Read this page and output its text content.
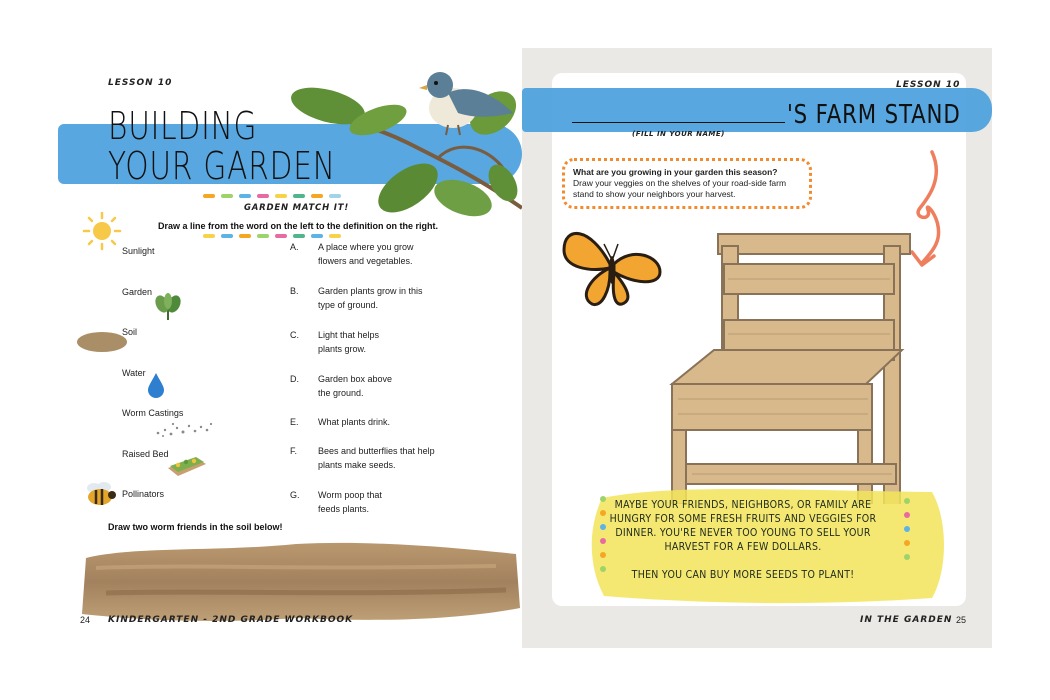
LESSON 10
BUILDING
YOUR GARDEN
GARDEN MATCH IT!
Draw a line from the word on the left to the definition on the right.
Sunlight
Garden
Soil
Water
Worm Castings
Raised Bed
Pollinators
A. A place where you grow flowers and vegetables.
B. Garden plants grow in this type of ground.
C. Light that helps plants grow.
D. Garden box above the ground.
E. What plants drink.
F. Bees and butterflies that help plants make seeds.
G. Worm poop that feeds plants.
Draw two worm friends in the soil below!
24 KINDERGARTEN - 2ND GRADE WORKBOOK
LESSON 10
'S FARM STAND
(FILL IN YOUR NAME)
What are you growing in your garden this season?
Draw your veggies on the shelves of your road-side farm stand to show your neighbors your harvest.

MAYBE YOUR FRIENDS, NEIGHBORS, OR FAMILY ARE HUNGRY FOR SOME FRESH FRUITS AND VEGGIES FOR DINNER. YOU'RE NEVER TOO YOUNG TO SELL YOUR HARVEST FOR A FEW DOLLARS.

THEN YOU CAN BUY MORE SEEDS TO PLANT!

IN THE GARDEN 25
